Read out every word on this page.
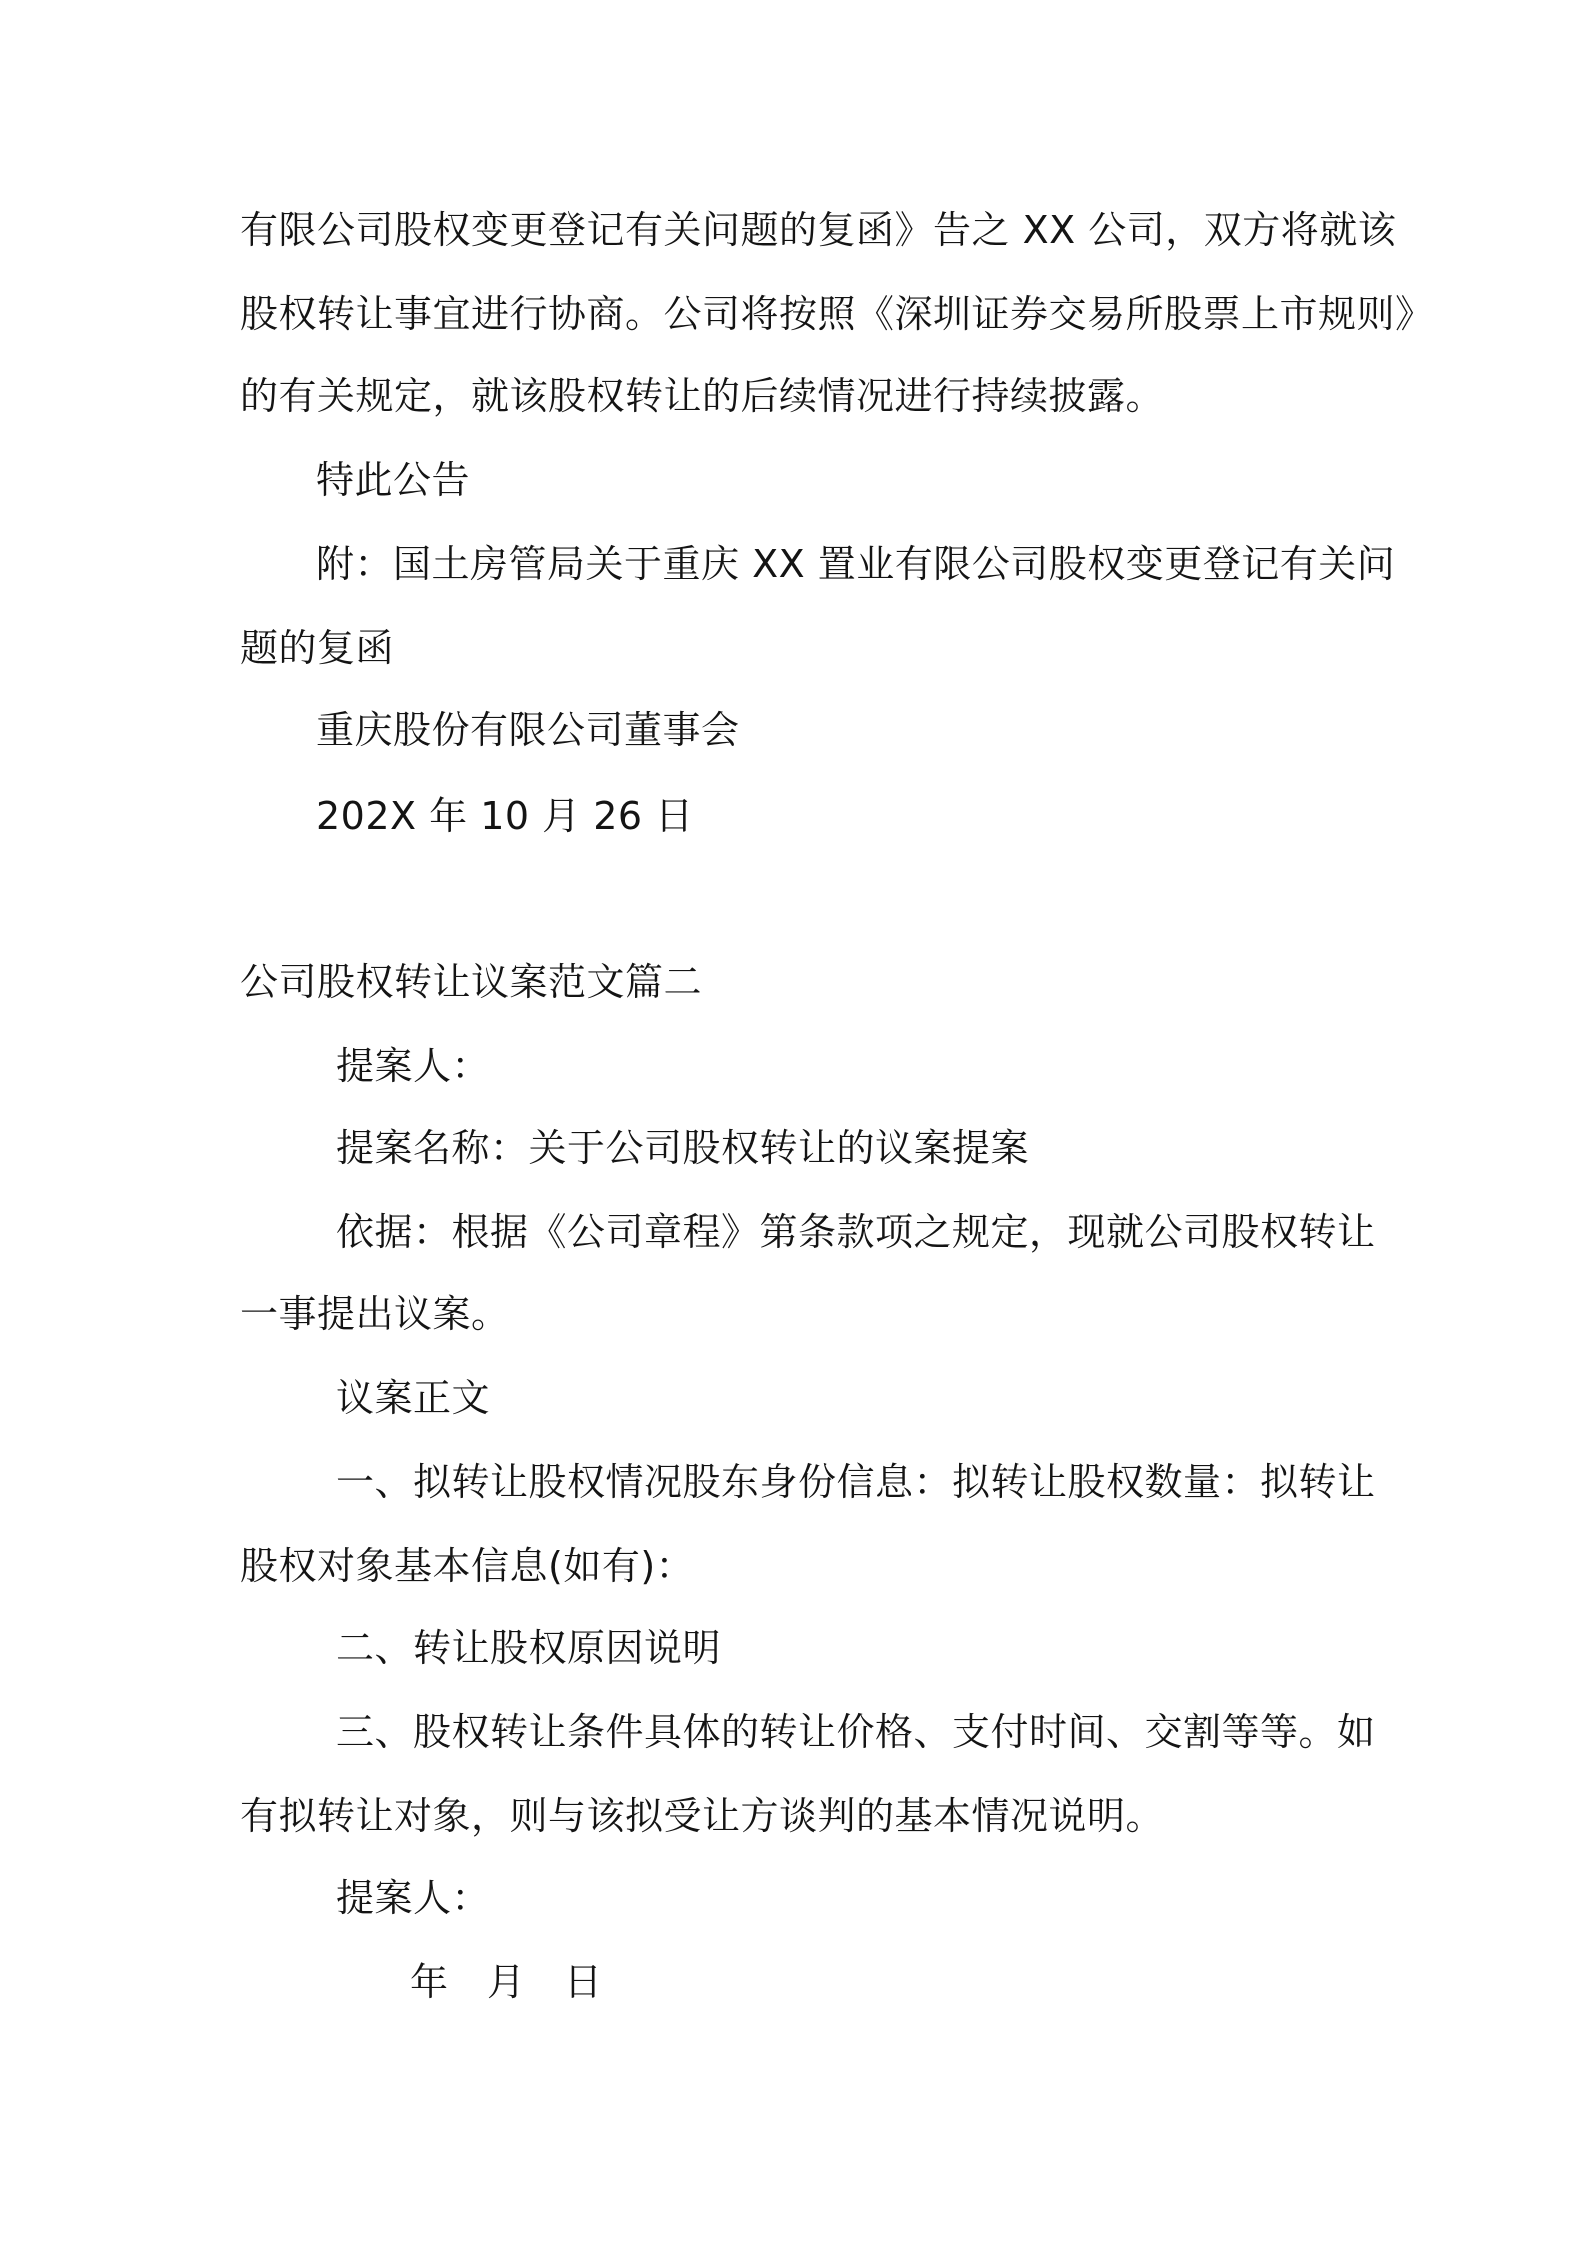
有限公司股权变更登记有关问题的复函》告之 XX 公司，双方将就该
股权转让事宜进行协商。公司将按照《深圳证券交易所股票上市规则》
的有关规定，就该股权转让的后续情况进行持续披露。
特此公告
附：国土房管局关于重庆 XX 置业有限公司股权变更登记有关问
题的复函
重庆股份有限公司董事会
202X 年 10 月 26 日
公司股权转让议案范文篇二
提案人：
提案名称：关于公司股权转让的议案提案
依据：根据《公司章程》第条款项之规定，现就公司股权转让
一事提出议案。
议案正文
一、拟转让股权情况股东身份信息：拟转让股权数量：拟转让
股权对象基本信息(如有)：
二、转让股权原因说明
三、股权转让条件具体的转让价格、支付时间、交割等等。如
有拟转让对象，则与该拟受让方谈判的基本情况说明。
提案人：
年　月　日
